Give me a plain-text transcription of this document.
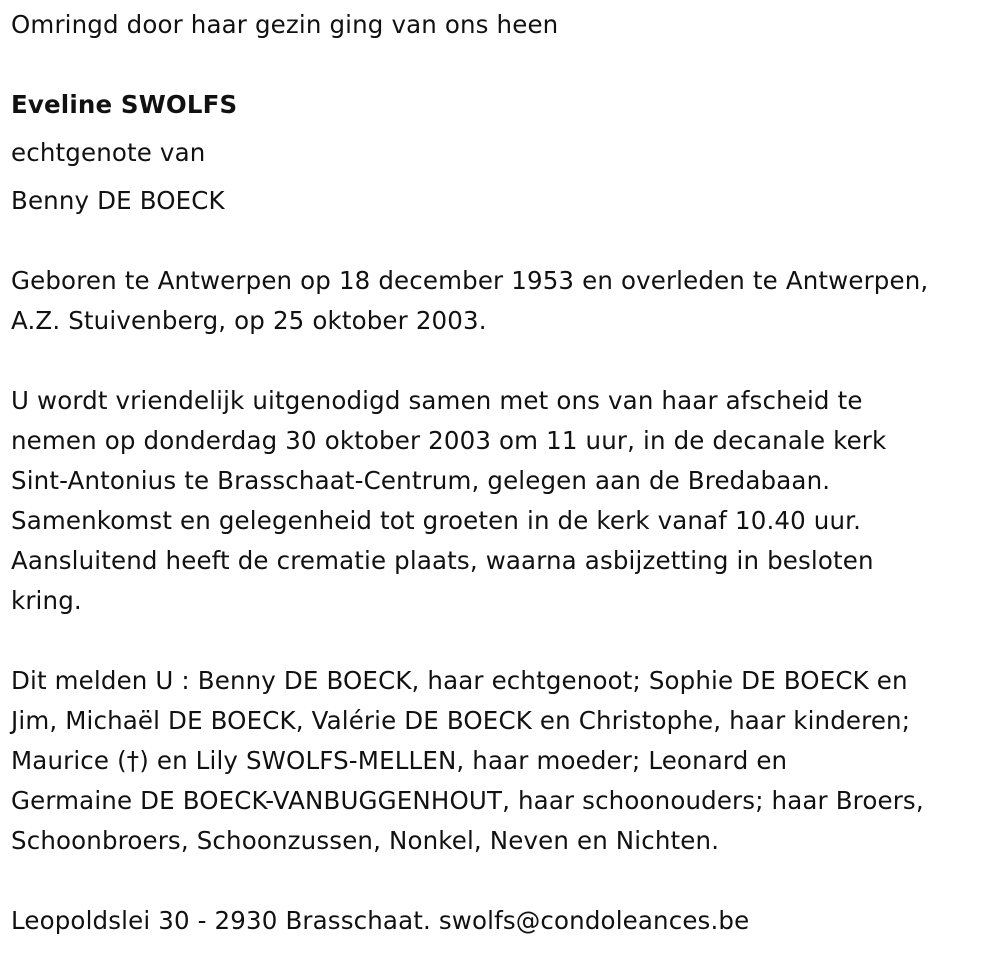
Omringd door haar gezin ging van ons heen
Eveline SWOLFS
echtgenote van
Benny DE BOECK
Geboren te Antwerpen op 18 december 1953 en overleden te Antwerpen,
A.Z. Stuivenberg, op 25 oktober 2003.
U wordt vriendelijk uitgenodigd samen met ons van haar afscheid te
nemen op donderdag 30 oktober 2003 om 11 uur, in de decanale kerk
Sint-Antonius te Brasschaat-Centrum, gelegen aan de Bredabaan.
Samenkomst en gelegenheid tot groeten in de kerk vanaf 10.40 uur.
Aansluitend heeft de crematie plaats, waarna asbijzetting in besloten
kring.
Dit melden U : Benny DE BOECK, haar echtgenoot; Sophie DE BOECK en
Jim, Michaël DE BOECK, Valérie DE BOECK en Christophe, haar kinderen;
Maurice (†) en Lily SWOLFS-MELLEN, haar moeder; Leonard en
Germaine DE BOECK-VANBUGGENHOUT, haar schoonouders; haar Broers,
Schoonbroers, Schoonzussen, Nonkel, Neven en Nichten.
Leopoldslei 30 - 2930 Brasschaat. swolfs@condoleances.be
